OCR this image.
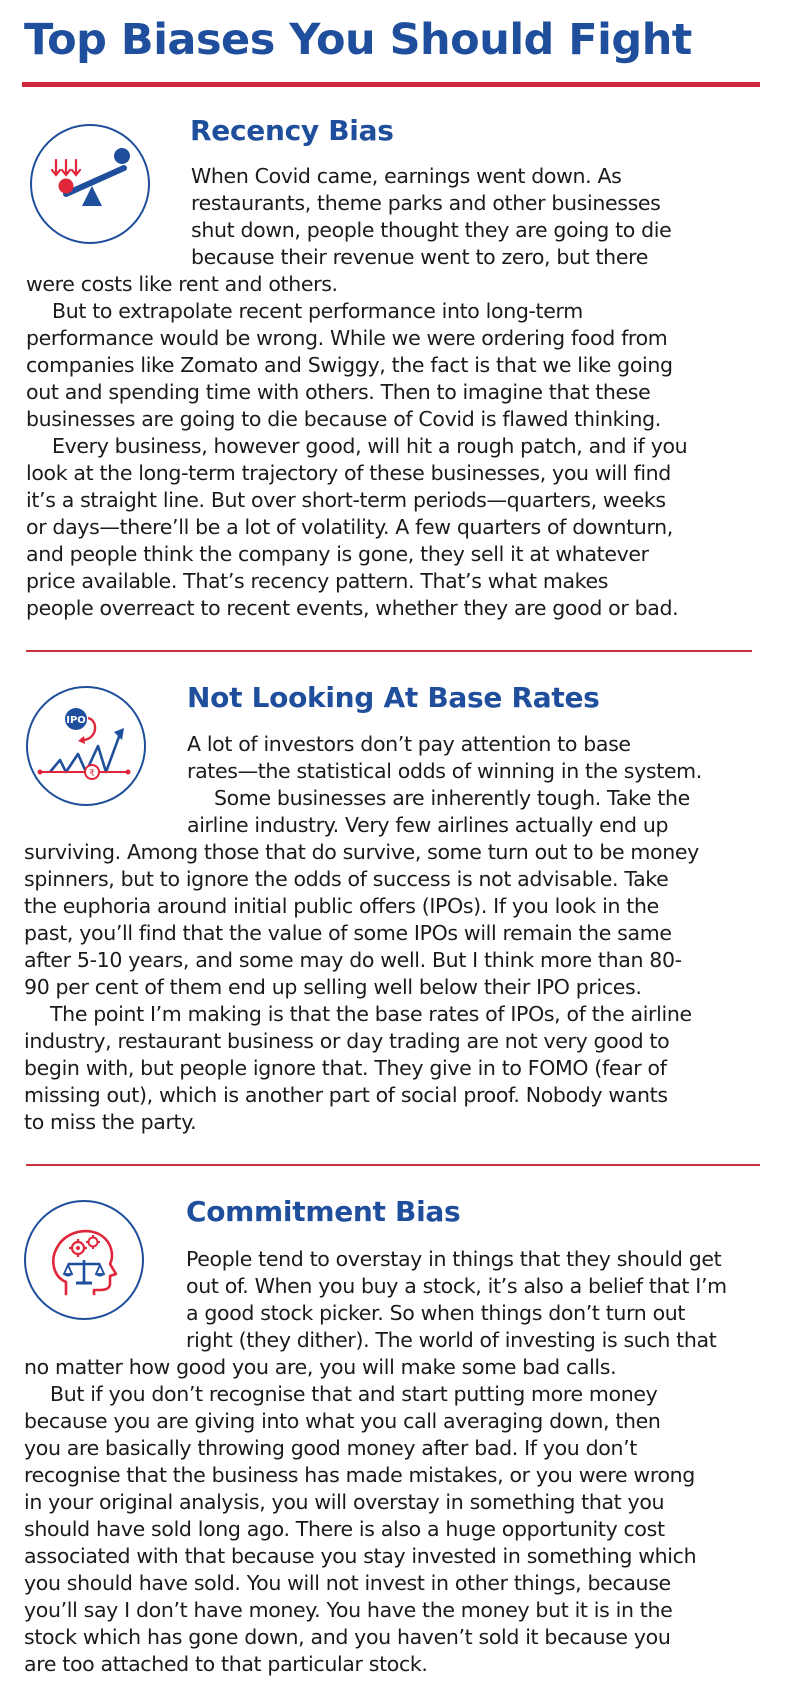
Top Biases You Should Fight
Recency Bias
When Covid came, earnings went down. As
restaurants, theme parks and other businesses
shut down, people thought they are going to die
because their revenue went to zero, but there
were costs like rent and others.
But to extrapolate recent performance into long-term
performance would be wrong. While we were ordering food from
companies like Zomato and Swiggy, the fact is that we like going
out and spending time with others. Then to imagine that these
businesses are going to die because of Covid is flawed thinking.
Every business, however good, will hit a rough patch, and if you
look at the long-term trajectory of these businesses, you will find
it’s a straight line. But over short-term periods—quarters, weeks
or days—there’ll be a lot of volatility. A few quarters of downturn,
and people think the company is gone, they sell it at whatever
price available. That’s recency pattern. That’s what makes
people overreact to recent events, whether they are good or bad.
IPO
₹
Not Looking At Base Rates
A lot of investors don’t pay attention to base
rates—the statistical odds of winning in the system.
Some businesses are inherently tough. Take the
airline industry. Very few airlines actually end up
surviving. Among those that do survive, some turn out to be money
spinners, but to ignore the odds of success is not advisable. Take
the euphoria around initial public offers (IPOs). If you look in the
past, you’ll find that the value of some IPOs will remain the same
after 5-10 years, and some may do well. But I think more than 80-
90 per cent of them end up selling well below their IPO prices.
The point I’m making is that the base rates of IPOs, of the airline
industry, restaurant business or day trading are not very good to
begin with, but people ignore that. They give in to FOMO (fear of
missing out), which is another part of social proof. Nobody wants
to miss the party.
Commitment Bias
People tend to overstay in things that they should get
out of. When you buy a stock, it’s also a belief that I’m
a good stock picker. So when things don’t turn out
right (they dither). The world of investing is such that
no matter how good you are, you will make some bad calls.
But if you don’t recognise that and start putting more money
because you are giving into what you call averaging down, then
you are basically throwing good money after bad. If you don’t
recognise that the business has made mistakes, or you were wrong
in your original analysis, you will overstay in something that you
should have sold long ago. There is also a huge opportunity cost
associated with that because you stay invested in something which
you should have sold. You will not invest in other things, because
you’ll say I don’t have money. You have the money but it is in the
stock which has gone down, and you haven’t sold it because you
are too attached to that particular stock.
